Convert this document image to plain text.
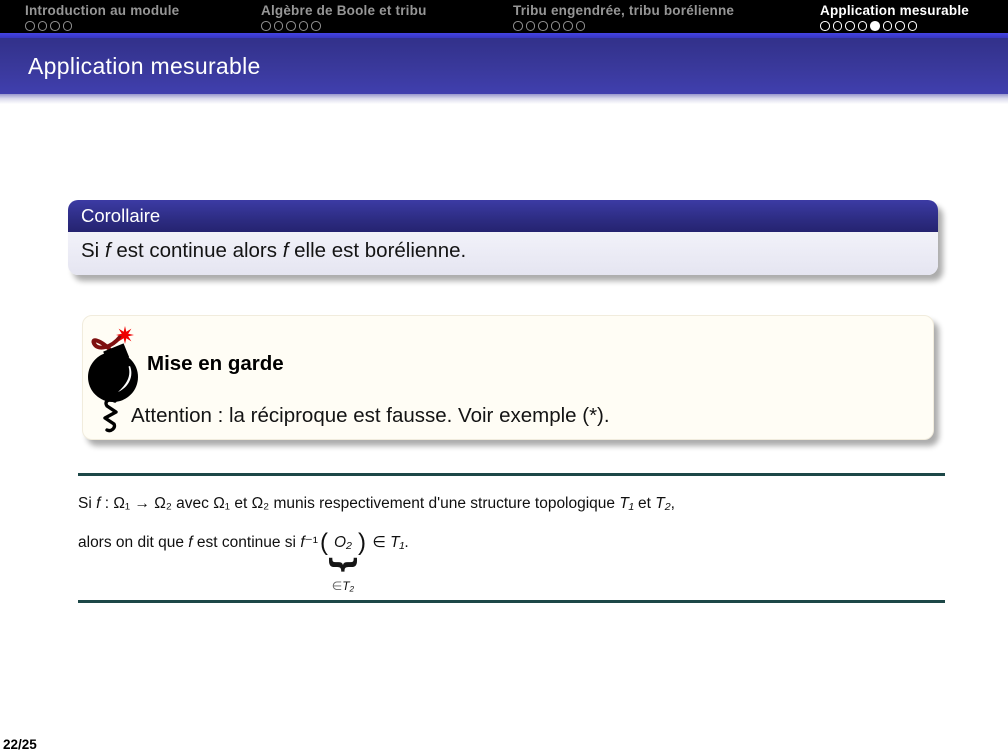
Introduction au module	Algèbre de Boole et tribu	Tribu engendrée, tribu borélienne	Application mesurable
Application mesurable
Corollaire
Si f est continue alors f elle est borélienne.
Mise en garde
Attention : la réciproque est fausse. Voir exemple (*).

Si f : Ω₁ → Ω₂ avec Ω₁ et Ω₂ munis respectivement d'une structure topologique T₁ et T₂,

alors on dit que f est continue si f⁻¹( O₂
}
∈T₂
) ∈ T₁.

22/25
